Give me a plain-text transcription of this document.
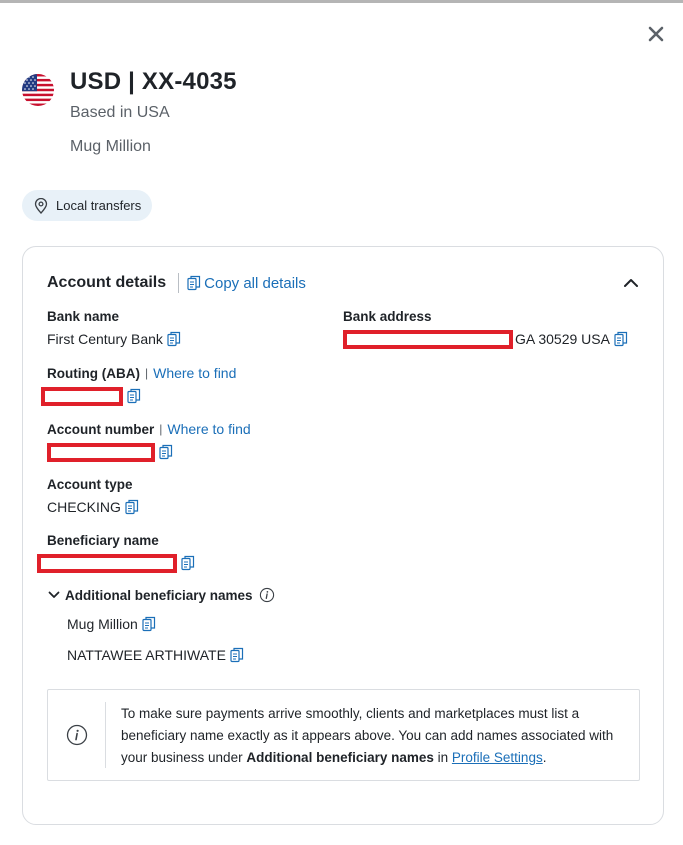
USD | XX-4035
Based in USA
Mug Million
Local transfers
Account details	Copy all details
Bank name
First Century Bank
Bank address
GA 30529 USA
Routing (ABA) | Where to find
Account number | Where to find
Account type
CHECKING
Beneficiary name
Additional beneficiary names
Mug Million
NATTAWEE ARTHIWATE
To make sure payments arrive smoothly, clients and marketplaces must list a beneficiary name exactly as it appears above. You can add names associated with your business under Additional beneficiary names in Profile Settings.
